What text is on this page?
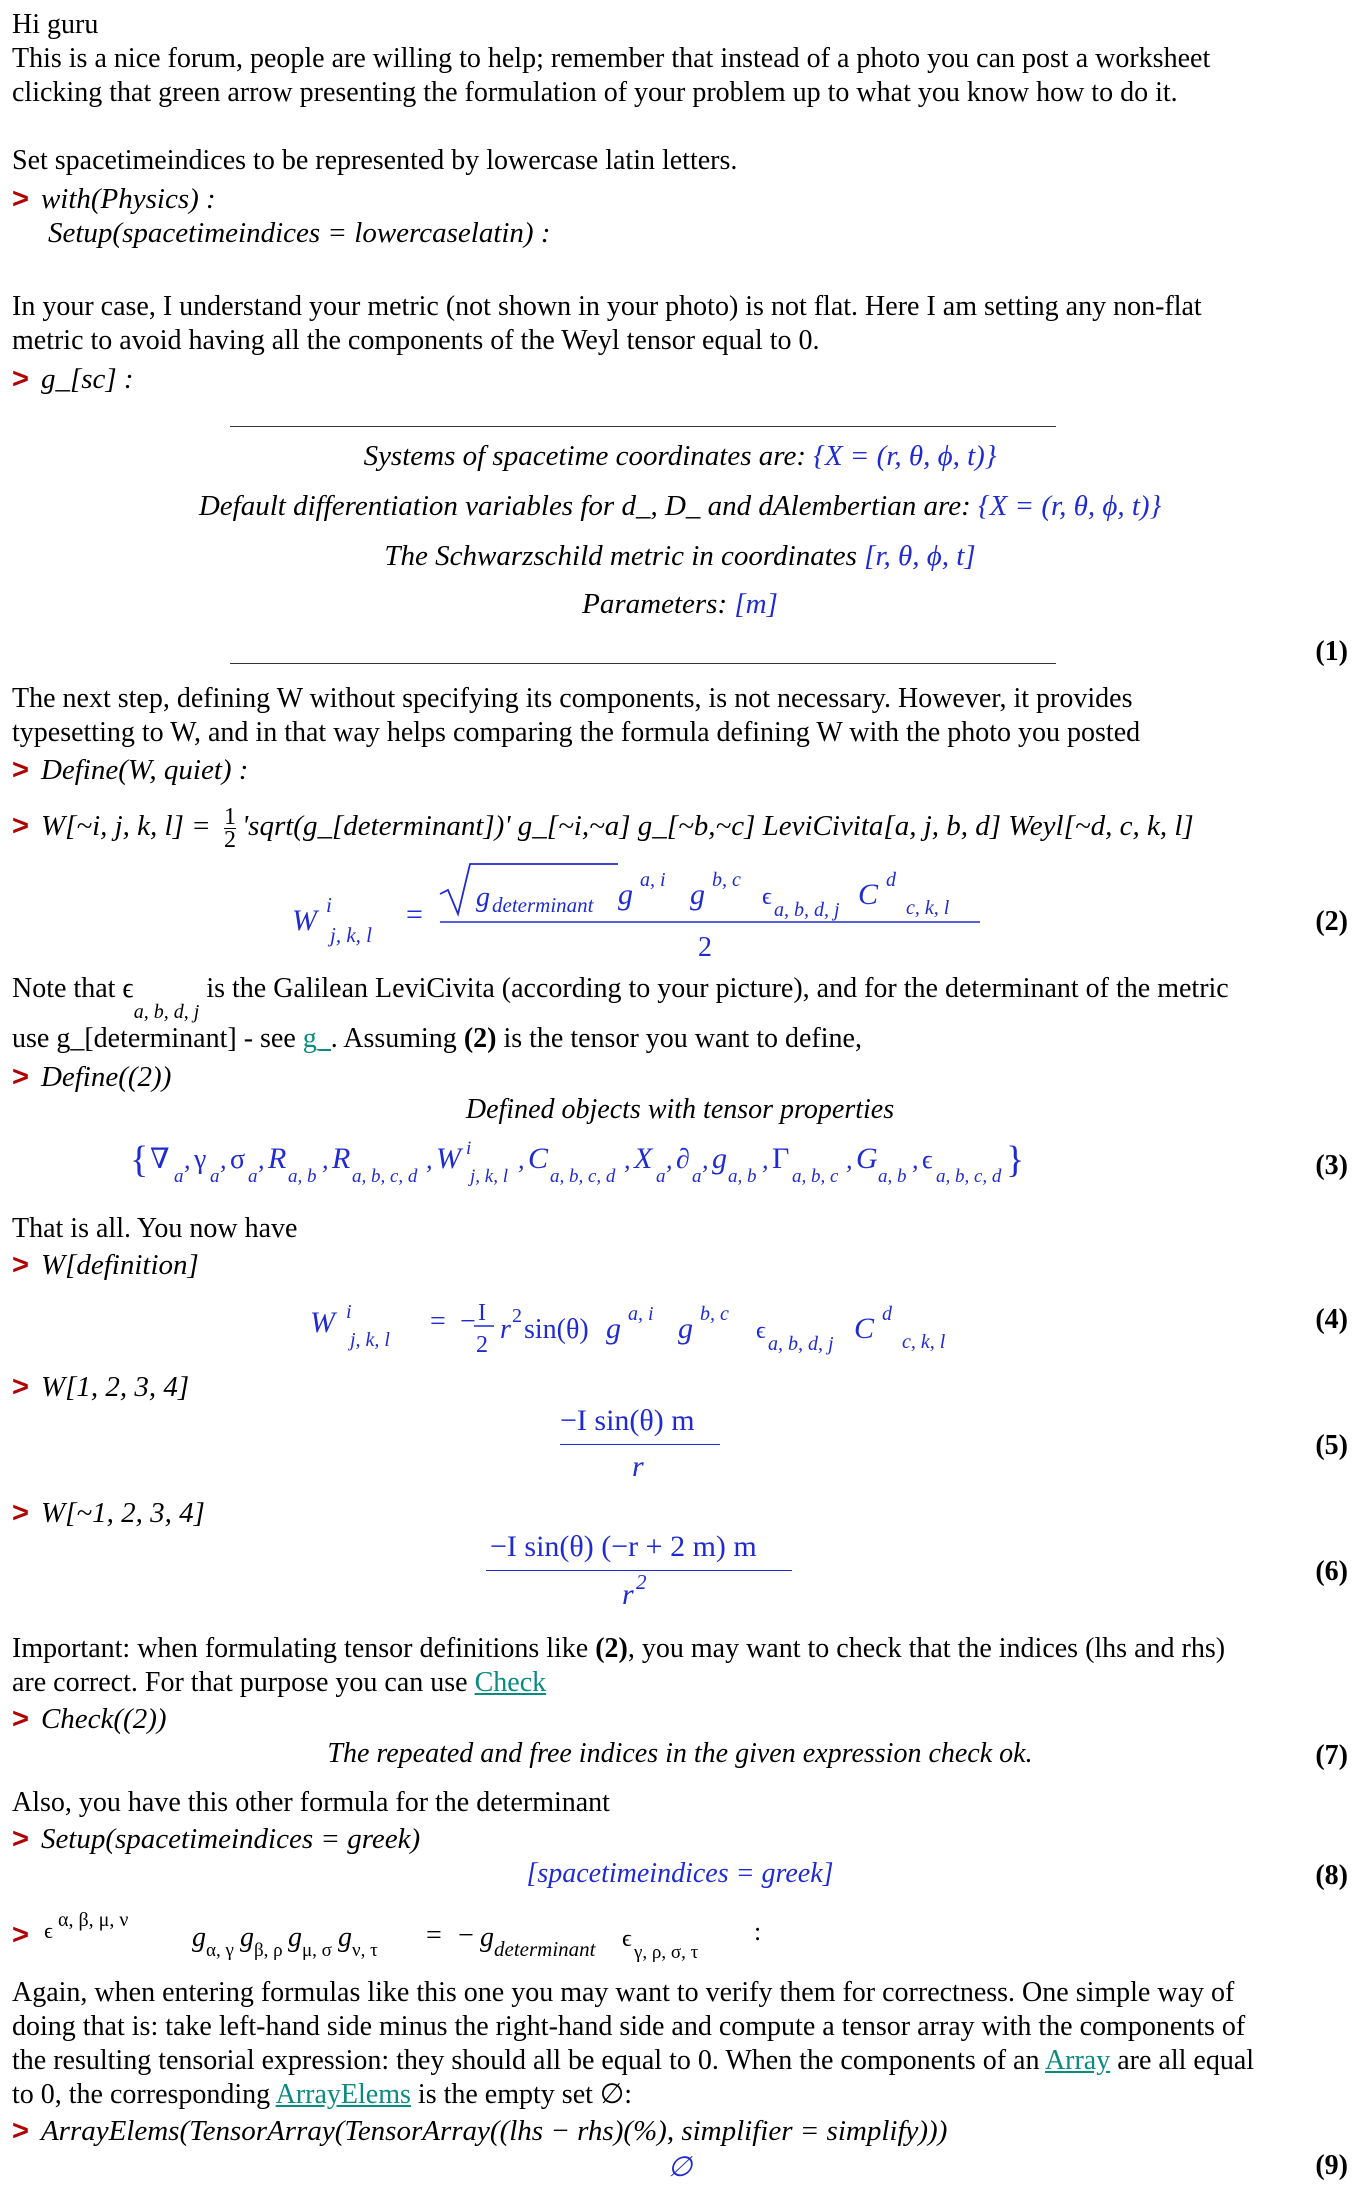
Hi guru
This is a nice forum, people are willing to help; remember that instead of a photo you can post a worksheet
clicking that green arrow presenting the formulation of your problem up to what you know how to do it.
Set spacetimeindices to be represented by lowercase latin letters.
> with(Physics) :
Setup(spacetimeindices = lowercaselatin) :
In your case, I understand your metric (not shown in your photo) is not flat. Here I am setting any non-flat
metric to avoid having all the components of the Weyl tensor equal to 0.
> g_[sc] :
Systems of spacetime coordinates are: {X = (r, θ, ϕ, t)}
Default differentiation variables for d_, D_ and dAlembertian are: {X = (r, θ, ϕ, t)}
The Schwarzschild metric in coordinates [r, θ, ϕ, t]
Parameters: [m]
(1)
The next step, defining W without specifying its components, is not necessary. However, it provides
typesetting to W, and in that way helps comparing the formula defining W with the photo you posted
> Define(W, quiet) :
> W[~i, j, k, $l] = \frac{1}{2}$ 'sqrt(g_[determinant])' g_[~i,~a] g_[~b,~c] LeviCivita[a, j, b, d] Weyl[~d, c, k, l]
W i
j, k, l
=
g determinant g a, i g b, c
ϵ a, b, d, j C d
c, k, l
2
(2)
Note that $\epsilon_{a, b, d, j}$ is the Galilean LeviCivita (according to your picture), and for the determinant of the metric
use g_[determinant] - see g_. Assuming (2) is the tensor you want to define,
> Define((2))
Defined objects with tensor properties
{ ∇
a
, γ
a
, σ
a
, R
a, b
, R
a, b, c, d
, W i
j, k, l
, C
a, b, c, d
, X
a
, ∂
a
, g
a, b
, Γ
a, b, c
, G
a, b
, ϵ
a, b, c, d }	(3)
That is all. You now have
> W[definition]
W i
j, k, l
= − I
2 r 2 sin(θ) g a, i g b, c
ϵ a, b, d, j C d
c, k, l
(4)
> W[1, 2, 3, 4]
−I sin(θ) m
r
(5)
> W[~1, 2, 3, 4]
−I sin(θ) (−r + 2 m) m
r 2	(6)
Important: when formulating tensor definitions like (2), you may want to check that the indices (lhs and rhs)
are correct. For that purpose you can use Check
> Check((2))
The repeated and free indices in the given expression check ok.	(7)
Also, you have this other formula for the determinant
> Setup(spacetimeindices = greek)
[spacetimeindices = greek]	(8)
> ϵ α, β, μ, ν
g α, γ g β, ρ g μ, σ g ν, τ = − g determinant ϵ
γ, ρ, σ, τ
:
Again, when entering formulas like this one you may want to verify them for correctness. One simple way of
doing that is: take left-hand side minus the right-hand side and compute a tensor array with the components of
the resulting tensorial expression: they should all be equal to 0. When the components of an Array are all equal
to 0, the corresponding ArrayElems is the empty set ∅:
> ArrayElems(TensorArray(TensorArray((lhs − rhs)(%), simplifier = simplify)))
∅	(9)
